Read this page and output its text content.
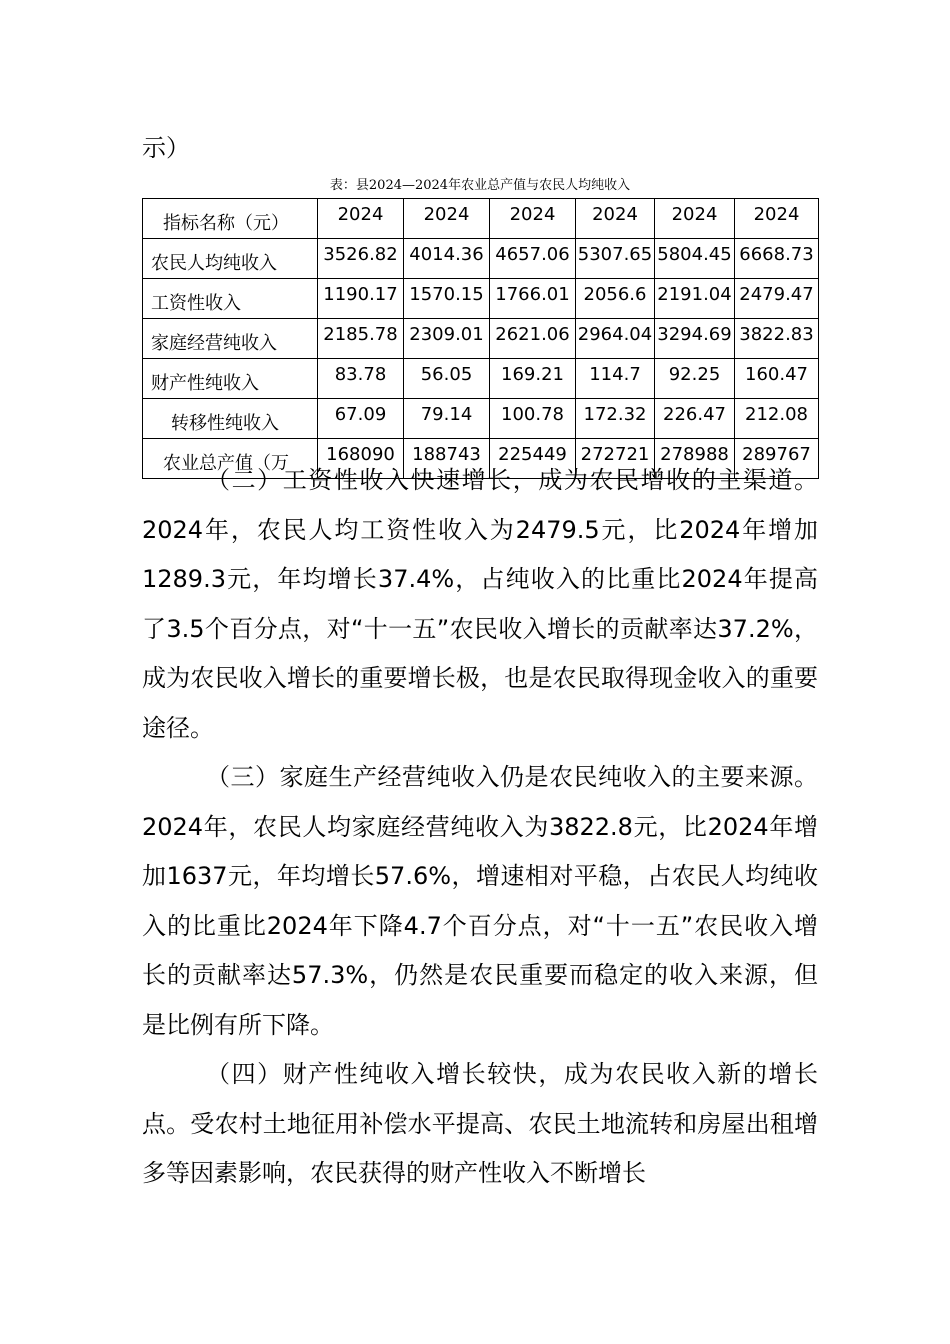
示）

表：县2024—2024年农业总产值与农民人均纯收入

指标名称（元）	2024	2024	2024	2024	2024	2024

农民人均纯收入	3526.82	4014.36	4657.06	5307.65	5804.45	6668.73

工资性收入	1190.17	1570.15	1766.01	2056.6	2191.04	2479.47

家庭经营纯收入	2185.78	2309.01	2621.06	2964.04	3294.69	3822.83

财产性纯收入	83.78	56.05	169.21	114.7	92.25	160.47

转移性纯收入	67.09	79.14	100.78	172.32	226.47	212.08

农业总产值（万	168090	188743	225449	272721	278988	289767

（二）工资性收入快速增长，成为农民增收的主渠道。2024年，农民人均工资性收入为2479.5元，比2024年增加1289.3元，年均增长37.4%，占纯收入的比重比2024年提高了3.5个百分点，对“十一五”农民收入增长的贡献率达37.2%，成为农民收入增长的重要增长极，也是农民取得现金收入的重要途径。

（三）家庭生产经营纯收入仍是农民纯收入的主要来源。2024年，农民人均家庭经营纯收入为3822.8元，比2024年增加1637元，年均增长57.6%，增速相对平稳，占农民人均纯收入的比重比2024年下降4.7个百分点，对“十一五”农民收入增长的贡献率达57.3%，仍然是农民重要而稳定的收入来源，但是比例有所下降。

（四）财产性纯收入增长较快，成为农民收入新的增长点。受农村土地征用补偿水平提高、农民土地流转和房屋出租增多等因素影响，农民获得的财产性收入不断增长
